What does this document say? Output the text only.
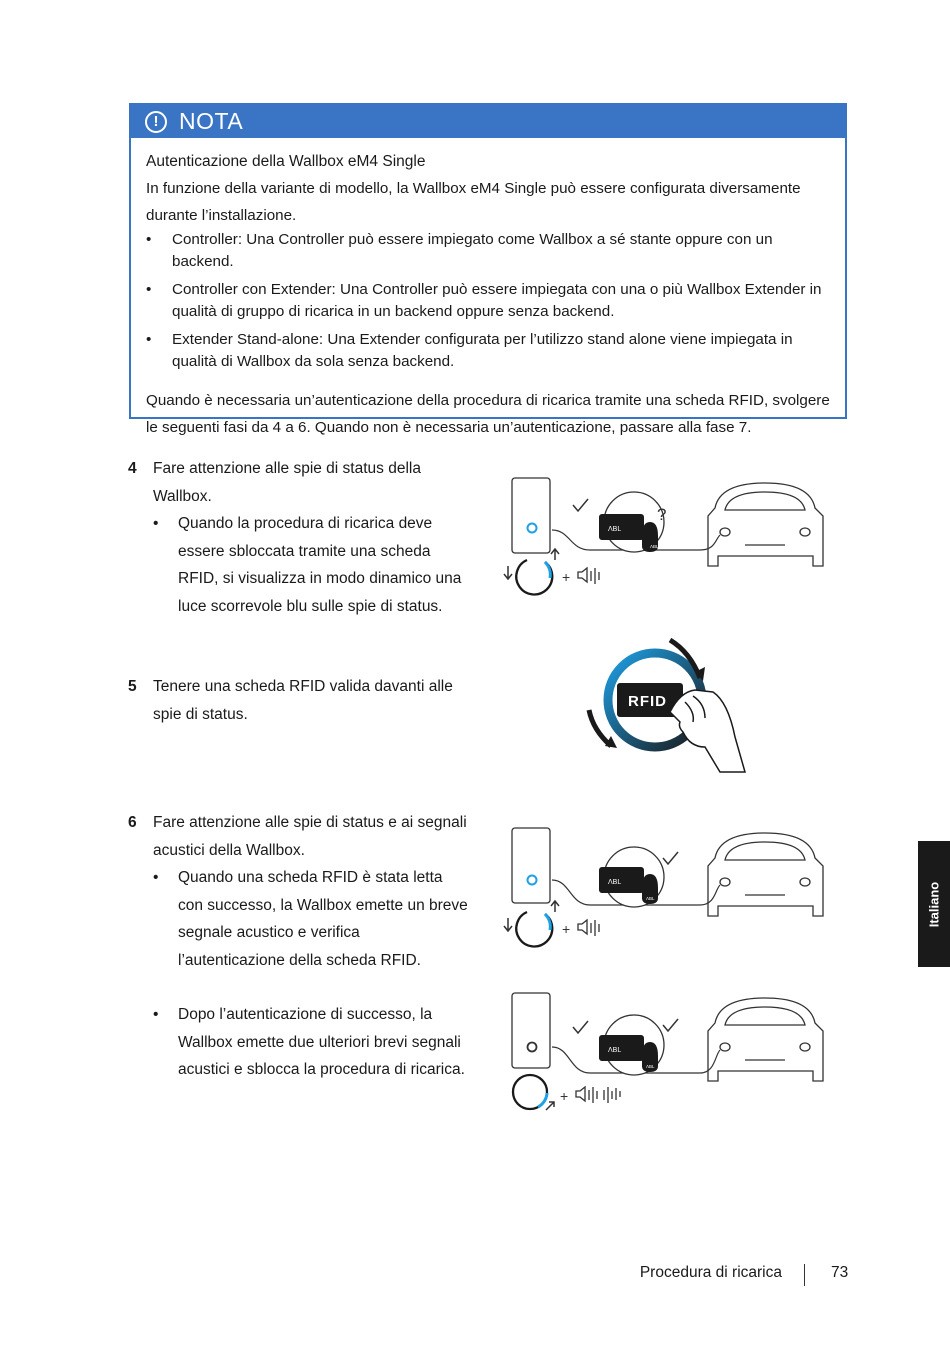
! NOTA

Autenticazione della Wallbox eM4 Single

In funzione della variante di modello, la Wallbox eM4 Single può essere configurata diversamente durante l’installazione.

• Controller: Una Controller può essere impiegato come Wallbox a sé stante oppure con un backend.
• Controller con Extender: Una Controller può essere impiegata con una o più Wallbox Extender in qualità di gruppo di ricarica in un backend oppure senza backend.
• Extender Stand-alone: Una Extender configurata per l’utilizzo stand alone viene impiegata in qualità di Wallbox da sola senza backend.

Quando è necessaria un’autenticazione della procedura di ricarica tramite una scheda RFID, svolgere le seguenti fasi da 4 a 6. Quando non è necessaria un’autenticazione, passare alla fase 7.

4 Fare attenzione alle spie di status della Wallbox.
• Quando la procedura di ricarica deve essere sbloccata tramite una scheda RFID, si visualizza in modo dinamico una luce scorrevole blu sulle spie di status.
5 Tenere una scheda RFID valida davanti alle spie di status.
6 Fare attenzione alle spie di status e ai segnali acustici della Wallbox.
• Quando una scheda RFID è stata letta con successo, la Wallbox emette un breve segnale acustico e verifica l’autenticazione della scheda RFID.
• Dopo l’autenticazione di successo, la Wallbox emette due ulteriori brevi segnali acustici e sblocca la procedura di ricarica.
ΛBL
ΛBL
?
+
RFID
ΛBL
ΛBL
+
ΛBL
ΛBL
+
Italiano
Procedura di ricarica	73
